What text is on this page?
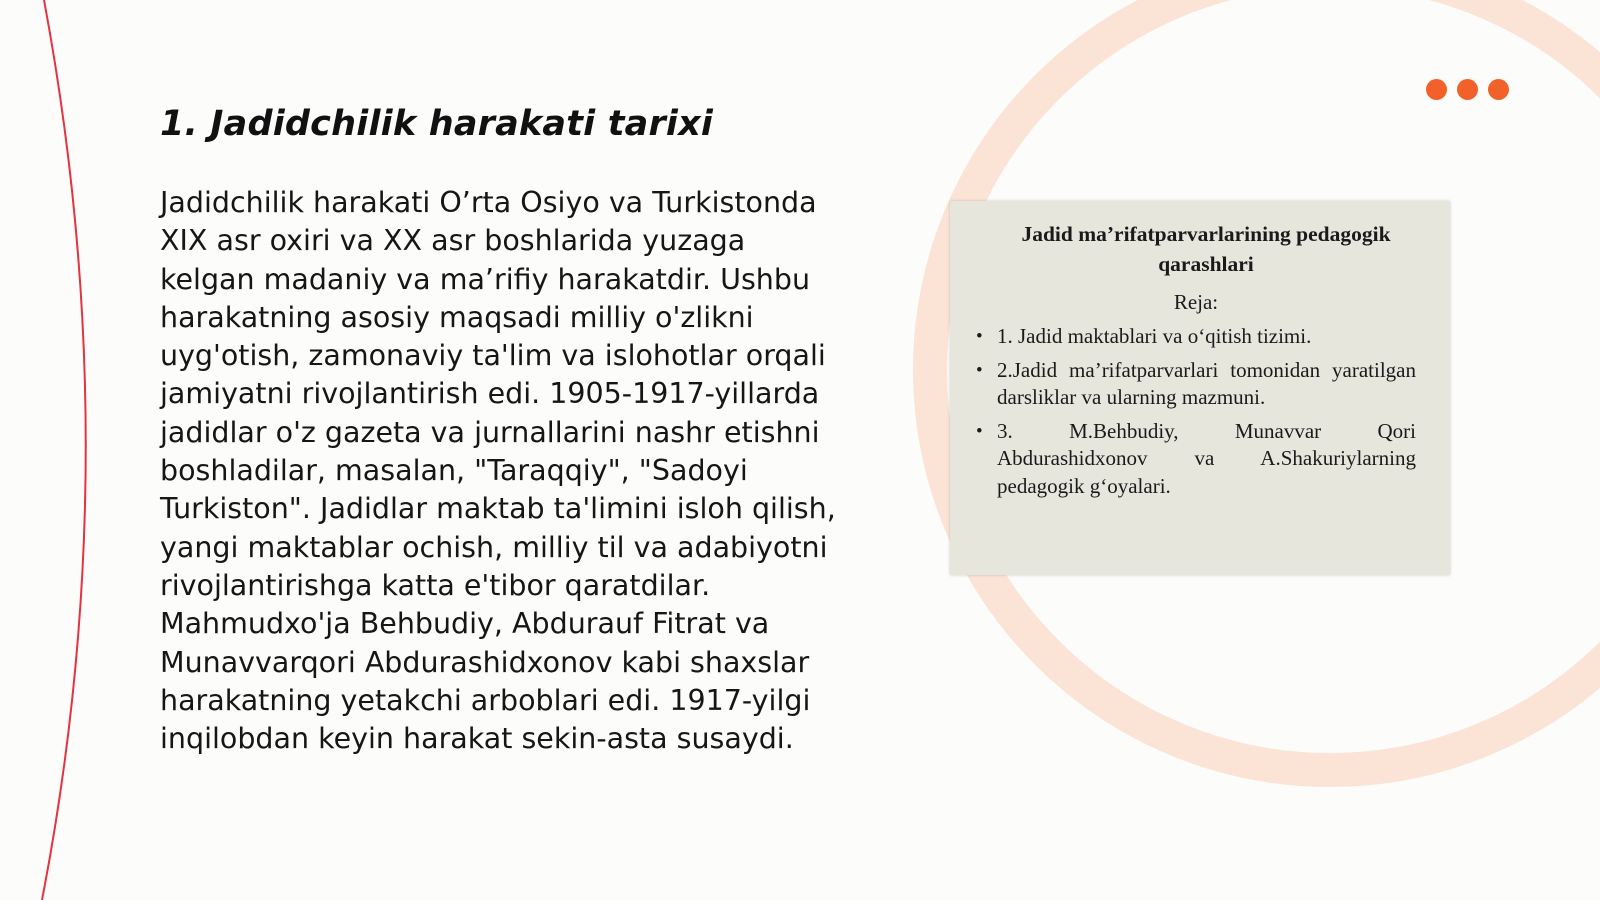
1. Jadidchilik harakati tarixi

Jadidchilik harakati O’rta Osiyo va Turkistonda XIX asr oxiri va XX asr boshlarida yuzaga kelgan madaniy va ma’rifiy harakatdir. Ushbu harakatning asosiy maqsadi milliy o'zlikni uyg'otish, zamonaviy ta'lim va islohotlar orqali jamiyatni rivojlantirish edi. 1905-1917-yillarda jadidlar o'z gazeta va jurnallarini nashr etishni boshladilar, masalan, "Taraqqiy", "Sadoyi Turkiston". Jadidlar maktab ta'limini isloh qilish, yangi maktablar ochish, milliy til va adabiyotni rivojlantirishga katta e'tibor qaratdilar. Mahmudxo'ja Behbudiy, Abdurauf Fitrat va Munavvarqori Abdurashidxonov kabi shaxslar harakatning yetakchi arboblari edi. 1917-yilgi inqilobdan keyin harakat sekin-asta susaydi.

Jadid ma’rifatparvarlarining pedagogik qarashlari
Reja:
• 1. Jadid maktablari va o‘qitish tizimi.
• 2.Jadid ma’rifatparvarlari tomonidan yaratilgan darsliklar va ularning mazmuni.
• 3. M.Behbudiy, Munavvar Qori Abdurashidxonov va A.Shakuriylarning pedagogik g‘oyalari.
